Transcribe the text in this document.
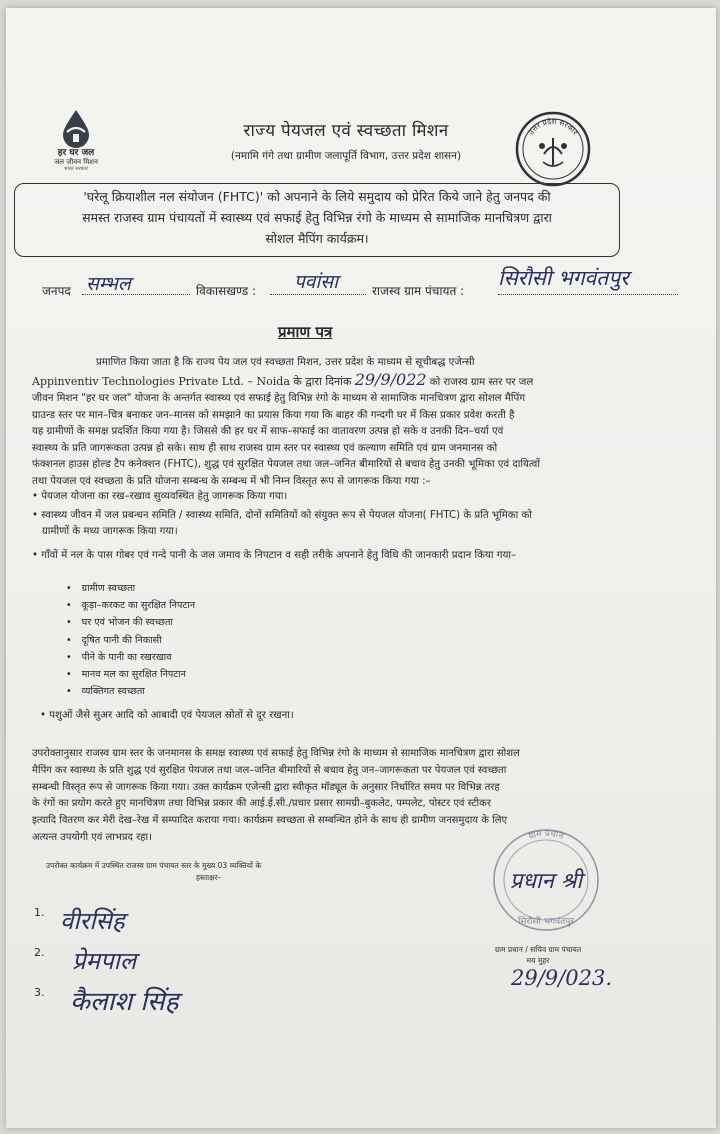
हर घर जल
जल जीवन मिशन
भारत सरकार
राज्य पेयजल एवं स्वच्छता मिशन
(नमामि गंगे तथा ग्रामीण जलापूर्ति विभाग, उत्तर प्रदेश शासन)
उत्तर प्रदेश सरकार
'घरेलू क्रियाशील नल संयोजन (FHTC)' को अपनाने के लिये समुदाय को प्रेरित किये जाने हेतु जनपद की
समस्त राजस्व ग्राम पंचायतों में स्वास्थ्य एवं सफाई हेतु विभिन्न रंगो के माध्यम से सामाजिक मानचित्रण द्वारा
सोशल मैपिंग कार्यक्रम।
जनपद सम्भल	विकासखण्ड : पवांसा	राजस्व ग्राम पंचायत :
सिरौसी भगवंतपुर
प्रमाण पत्र

प्रमाणित किया जाता है कि राज्य पेय जल एवं स्वच्छता मिशन, उत्तर प्रदेश के माध्यम से सूचीबद्ध एजेन्सी

Appinventiv Technologies Private Ltd. – Noida के द्वारा दिनांक 29/9/022 को राजस्व ग्राम स्तर पर जल

जीवन मिशन "हर घर जल" योजना के अन्तर्गत स्वास्थ्य एवं सफाई हेतु विभिन्न रंगो के माध्यम से सामाजिक मानचित्रण द्वारा सोशल मैपिंग

ग्राउन्ड स्तर पर मान–चित्र बनाकर जन–मानस को समझाने का प्रयास किया गया कि बाहर की गन्दगी घर में किस प्रकार प्रवेश करती है

यह ग्रामीणों के समक्ष प्रदर्शित किया गया है। जिससे की हर घर में साफ–सफाई का वातावरण उत्पन्न हो सके व उनकी दिन–चर्या एवं

स्वास्थ्य के प्रति जागरूकता उत्पन्न हो सके। साथ ही साथ राजस्व ग्राम स्तर पर स्वास्थ्य एवं कल्याण समिति एवं ग्राम जनमानस को

फंक्शनल हाउस होल्ड टैप कनेक्शन (FHTC), शुद्ध एवं सुरक्षित पेयजल तथा जल–जनित बीमारियों से बचाव हेतु उनकी भूमिका एवं दायित्वों

तथा पेयजल एवं स्वच्छता के प्रति योजना सम्बन्ध के सम्बन्ध में भी निम्न विस्तृत रूप से जागरूक किया गया :–

• पेयजल योजना का रख–रखाव सुव्यवस्थित हेतु जागरूक किया गया।
• स्वास्थ्य जीवन में जल प्रबन्धन समिति / स्वास्थ्य समिति, दोनों समितियों को संयुक्त रूप से पेयजल योजना( FHTC) के प्रति भूमिका को
ग्रामीणों के मध्य जागरूक किया गया।
• गाँवों में नल के पास गोबर एवं गन्दे पानी के जल जमाव के निपटान व सही तरीके अपनाने हेतु विधि की जानकारी प्रदान किया गया–
• ग्रामीण स्वच्छता
• कूड़ा–करकट का सुरक्षित निपटान
• घर एवं भोजन की स्वच्छता
• दूषित पानी की निकासी
• पीने के पानी का रखरखाव
• मानव मल का सुरक्षित निपटान
• व्यक्तिगत स्वच्छता
• पशुओं जैसे सुअर आदि को आबादी एवं पेयजल स्रोतों से दूर रखना।
उपरोक्तानुसार राजस्व ग्राम स्तर के जनमानस के समक्ष स्वास्थ्य एवं सफाई हेतु विभिन्न रंगो के माध्यम से सामाजिक मानचित्रण द्वारा सोशल
मैपिंग कर स्वास्थ्य के प्रति शुद्ध एवं सुरक्षित पेयजल तथा जल–जनित बीमारियों से बचाव हेतु जन–जागरूकता पर पेयजल एवं स्वच्छता
सम्बन्धी विस्तृत रूप से जागरूक किया गया। उक्त कार्यक्रम एजेन्सी द्वारा स्वीकृत मॉड्यूल के अनुसार निर्धारित समय पर विभिन्न तरह
के रंगों का प्रयोग करते हुए मानचित्रण तथा विभिन्न प्रकार की आई.ई.सी./प्रचार प्रसार सामग्री–बुकलेट, पम्पलेट, पोस्टर एवं स्टीकर
इत्यादि वितरण कर मेरी देख–रेख में सम्पादित कराया गया। कार्यक्रम स्वच्छता से सम्बन्धित होने के साथ ही ग्रामीण जनसमुदाय के लिए
अत्यन्त उपयोगी एवं लाभप्रद रहा।
उपरोक्त कार्यक्रम में उपस्थित राजस्व ग्राम पंचायत स्तर के मुख्य 03 व्यक्तियों के
हस्ताक्षर–
1. वीरसिंह
2. प्रेमपाल
3. कैलाश सिंह
ग्राम प्रधान
प्रधान श्री
सिरौसी भगवंतपुर
ग्राम प्रधान / सचिव ग्राम पंचायत
मय मुहर
29/9/023.
